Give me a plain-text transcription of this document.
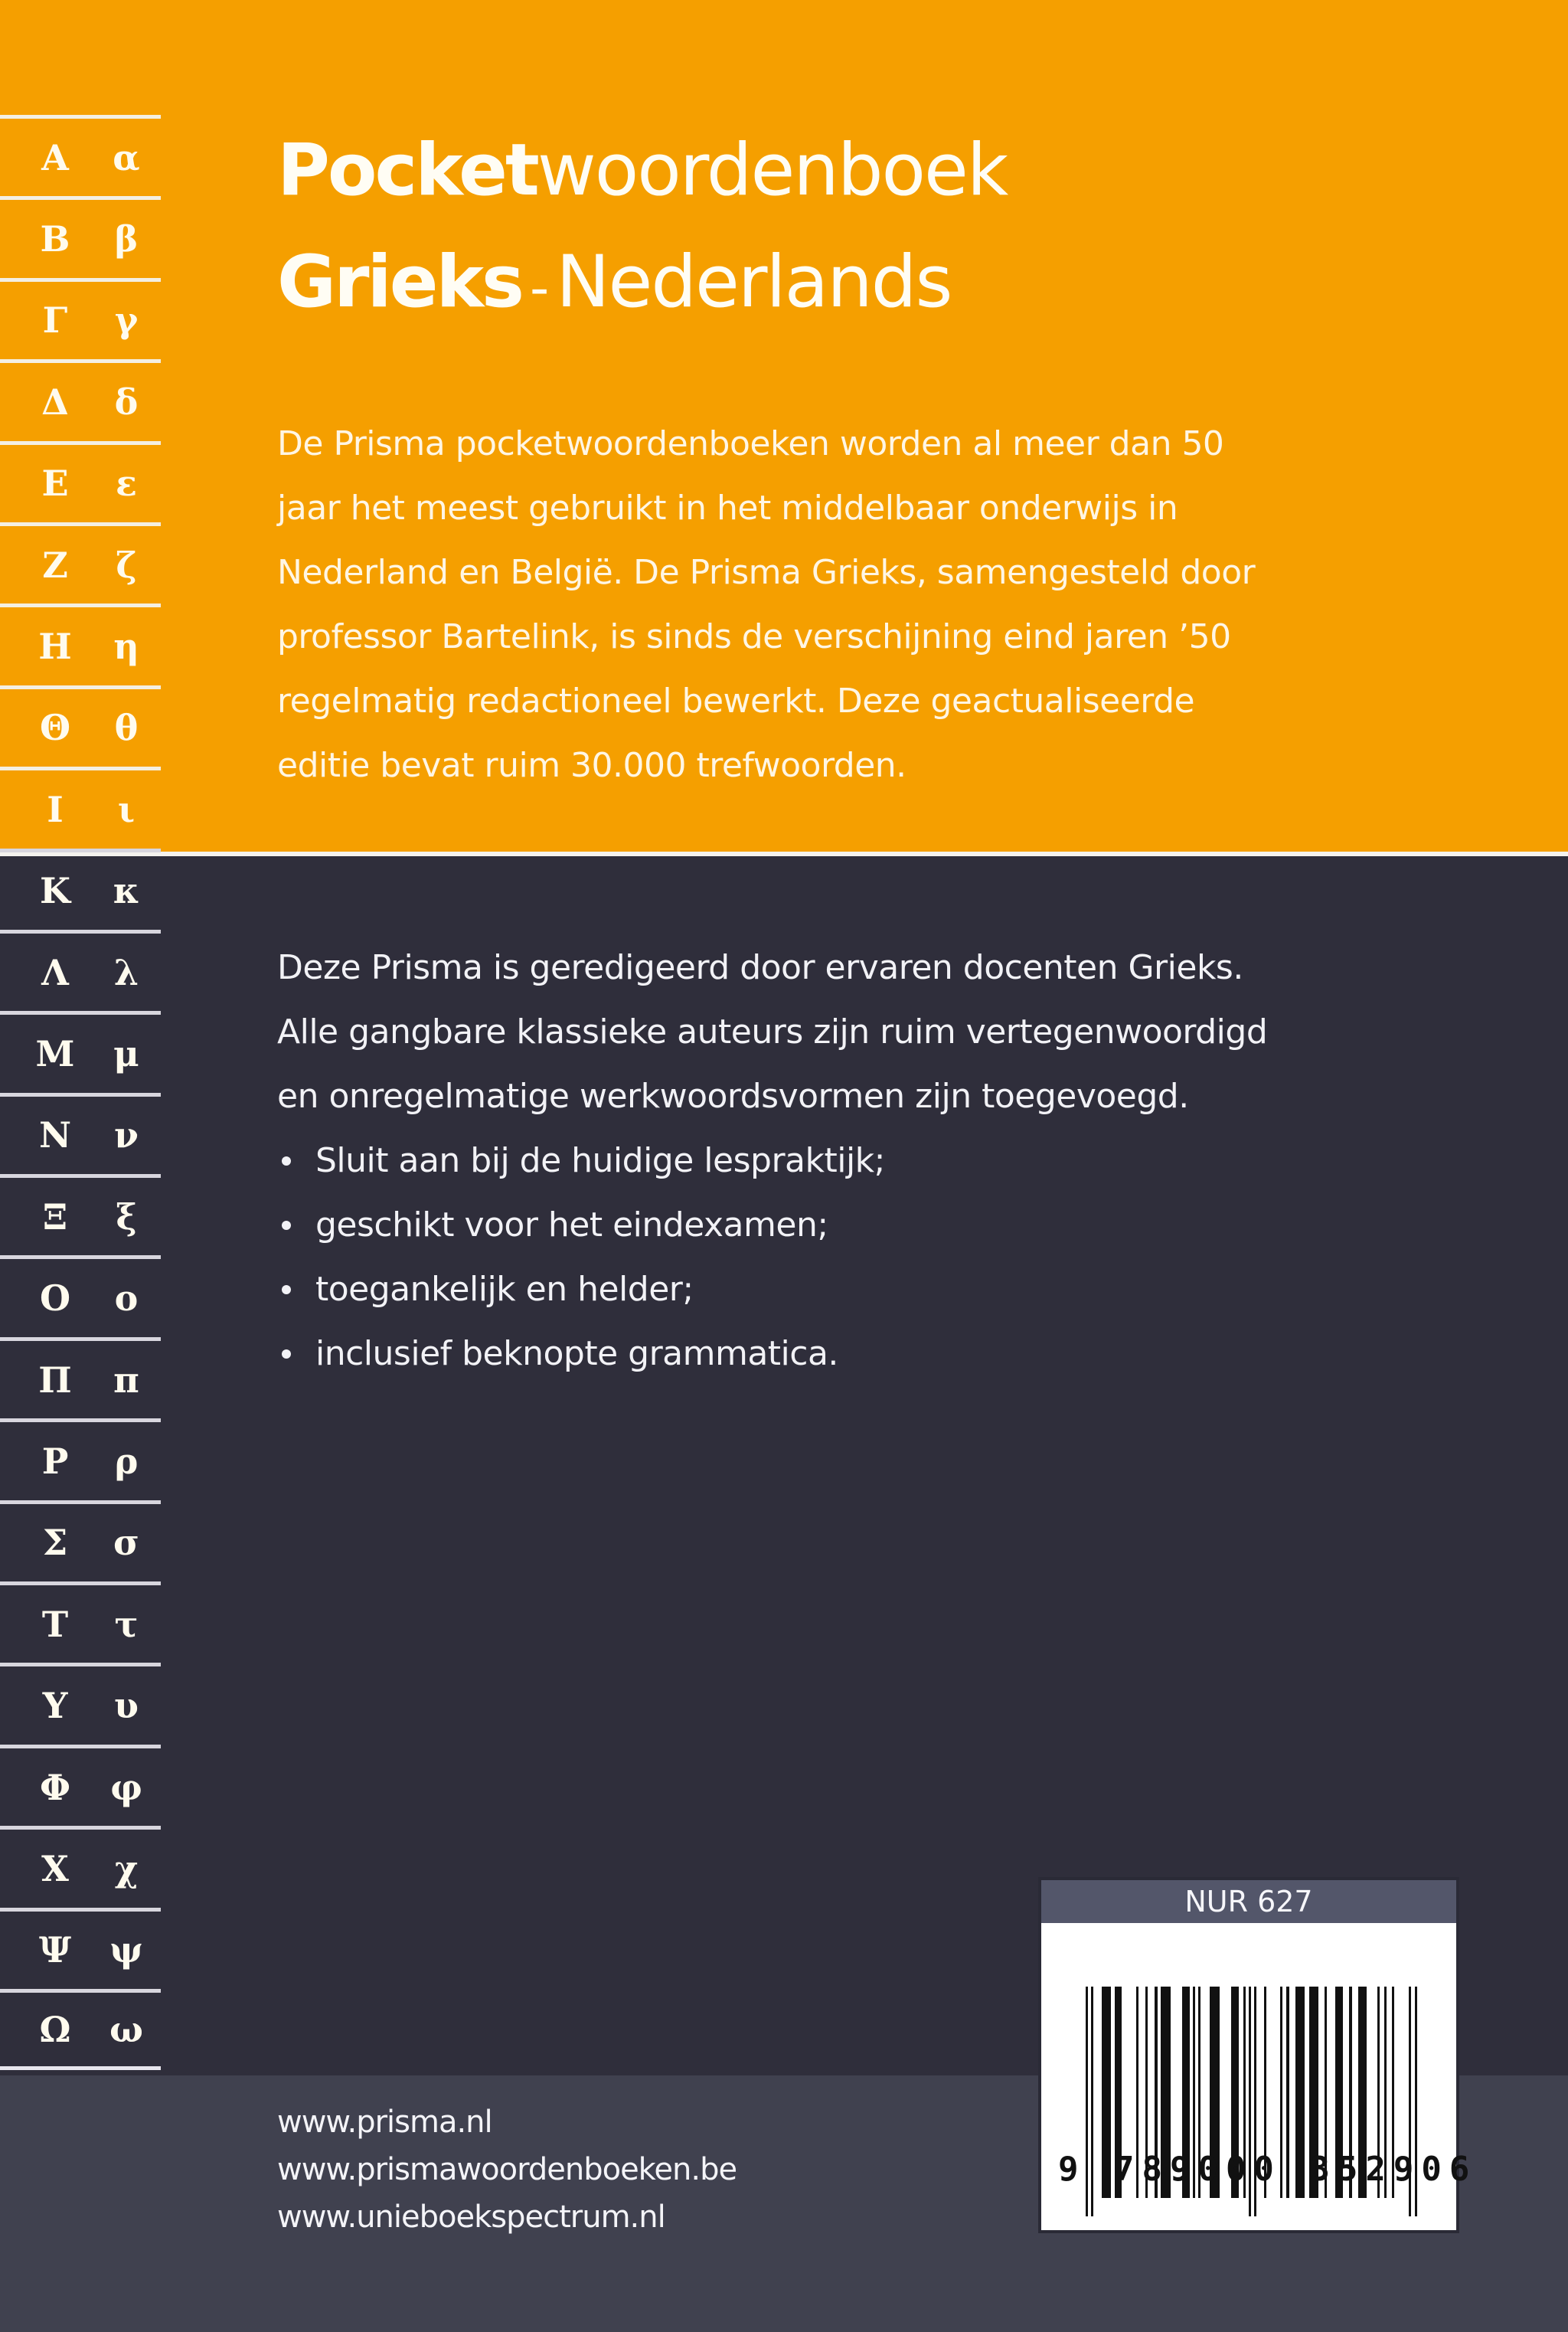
Α α
Β β
Γ γ
Δ δ
Ε ε
Ζ ζ
Η η
Θ θ
Ι ι
Κ κ
Λ λ
Μ μ
Ν ν
Ξ ξ
Ο ο
Π π
Ρ ρ
Σ σ
Τ τ
Υ υ
Φ φ
Χ χ
Ψ ψ
Ω ω
Pocketwoordenboek
Grieks - Nederlands
De Prisma pocketwoordenboeken worden al meer dan 50
jaar het meest gebruikt in het middelbaar onderwijs in
Nederland en België. De Prisma Grieks, samengesteld door
professor Bartelink, is sinds de verschijning eind jaren ’50
regelmatig redactioneel bewerkt. Deze geactualiseerde
editie bevat ruim 30.000 trefwoorden.
Deze Prisma is geredigeerd door ervaren docenten Grieks.
Alle gangbare klassieke auteurs zijn ruim vertegenwoordigd
en onregelmatige werkwoordsvormen zijn toegevoegd.
Sluit aan bij de huidige lespraktijk;
geschikt voor het eindexamen;
toegankelijk en helder;
inclusief beknopte grammatica.
www.prisma.nl
www.prismawoordenboeken.be
www.unieboekspectrum.nl
NUR 627
9 789000 352906
